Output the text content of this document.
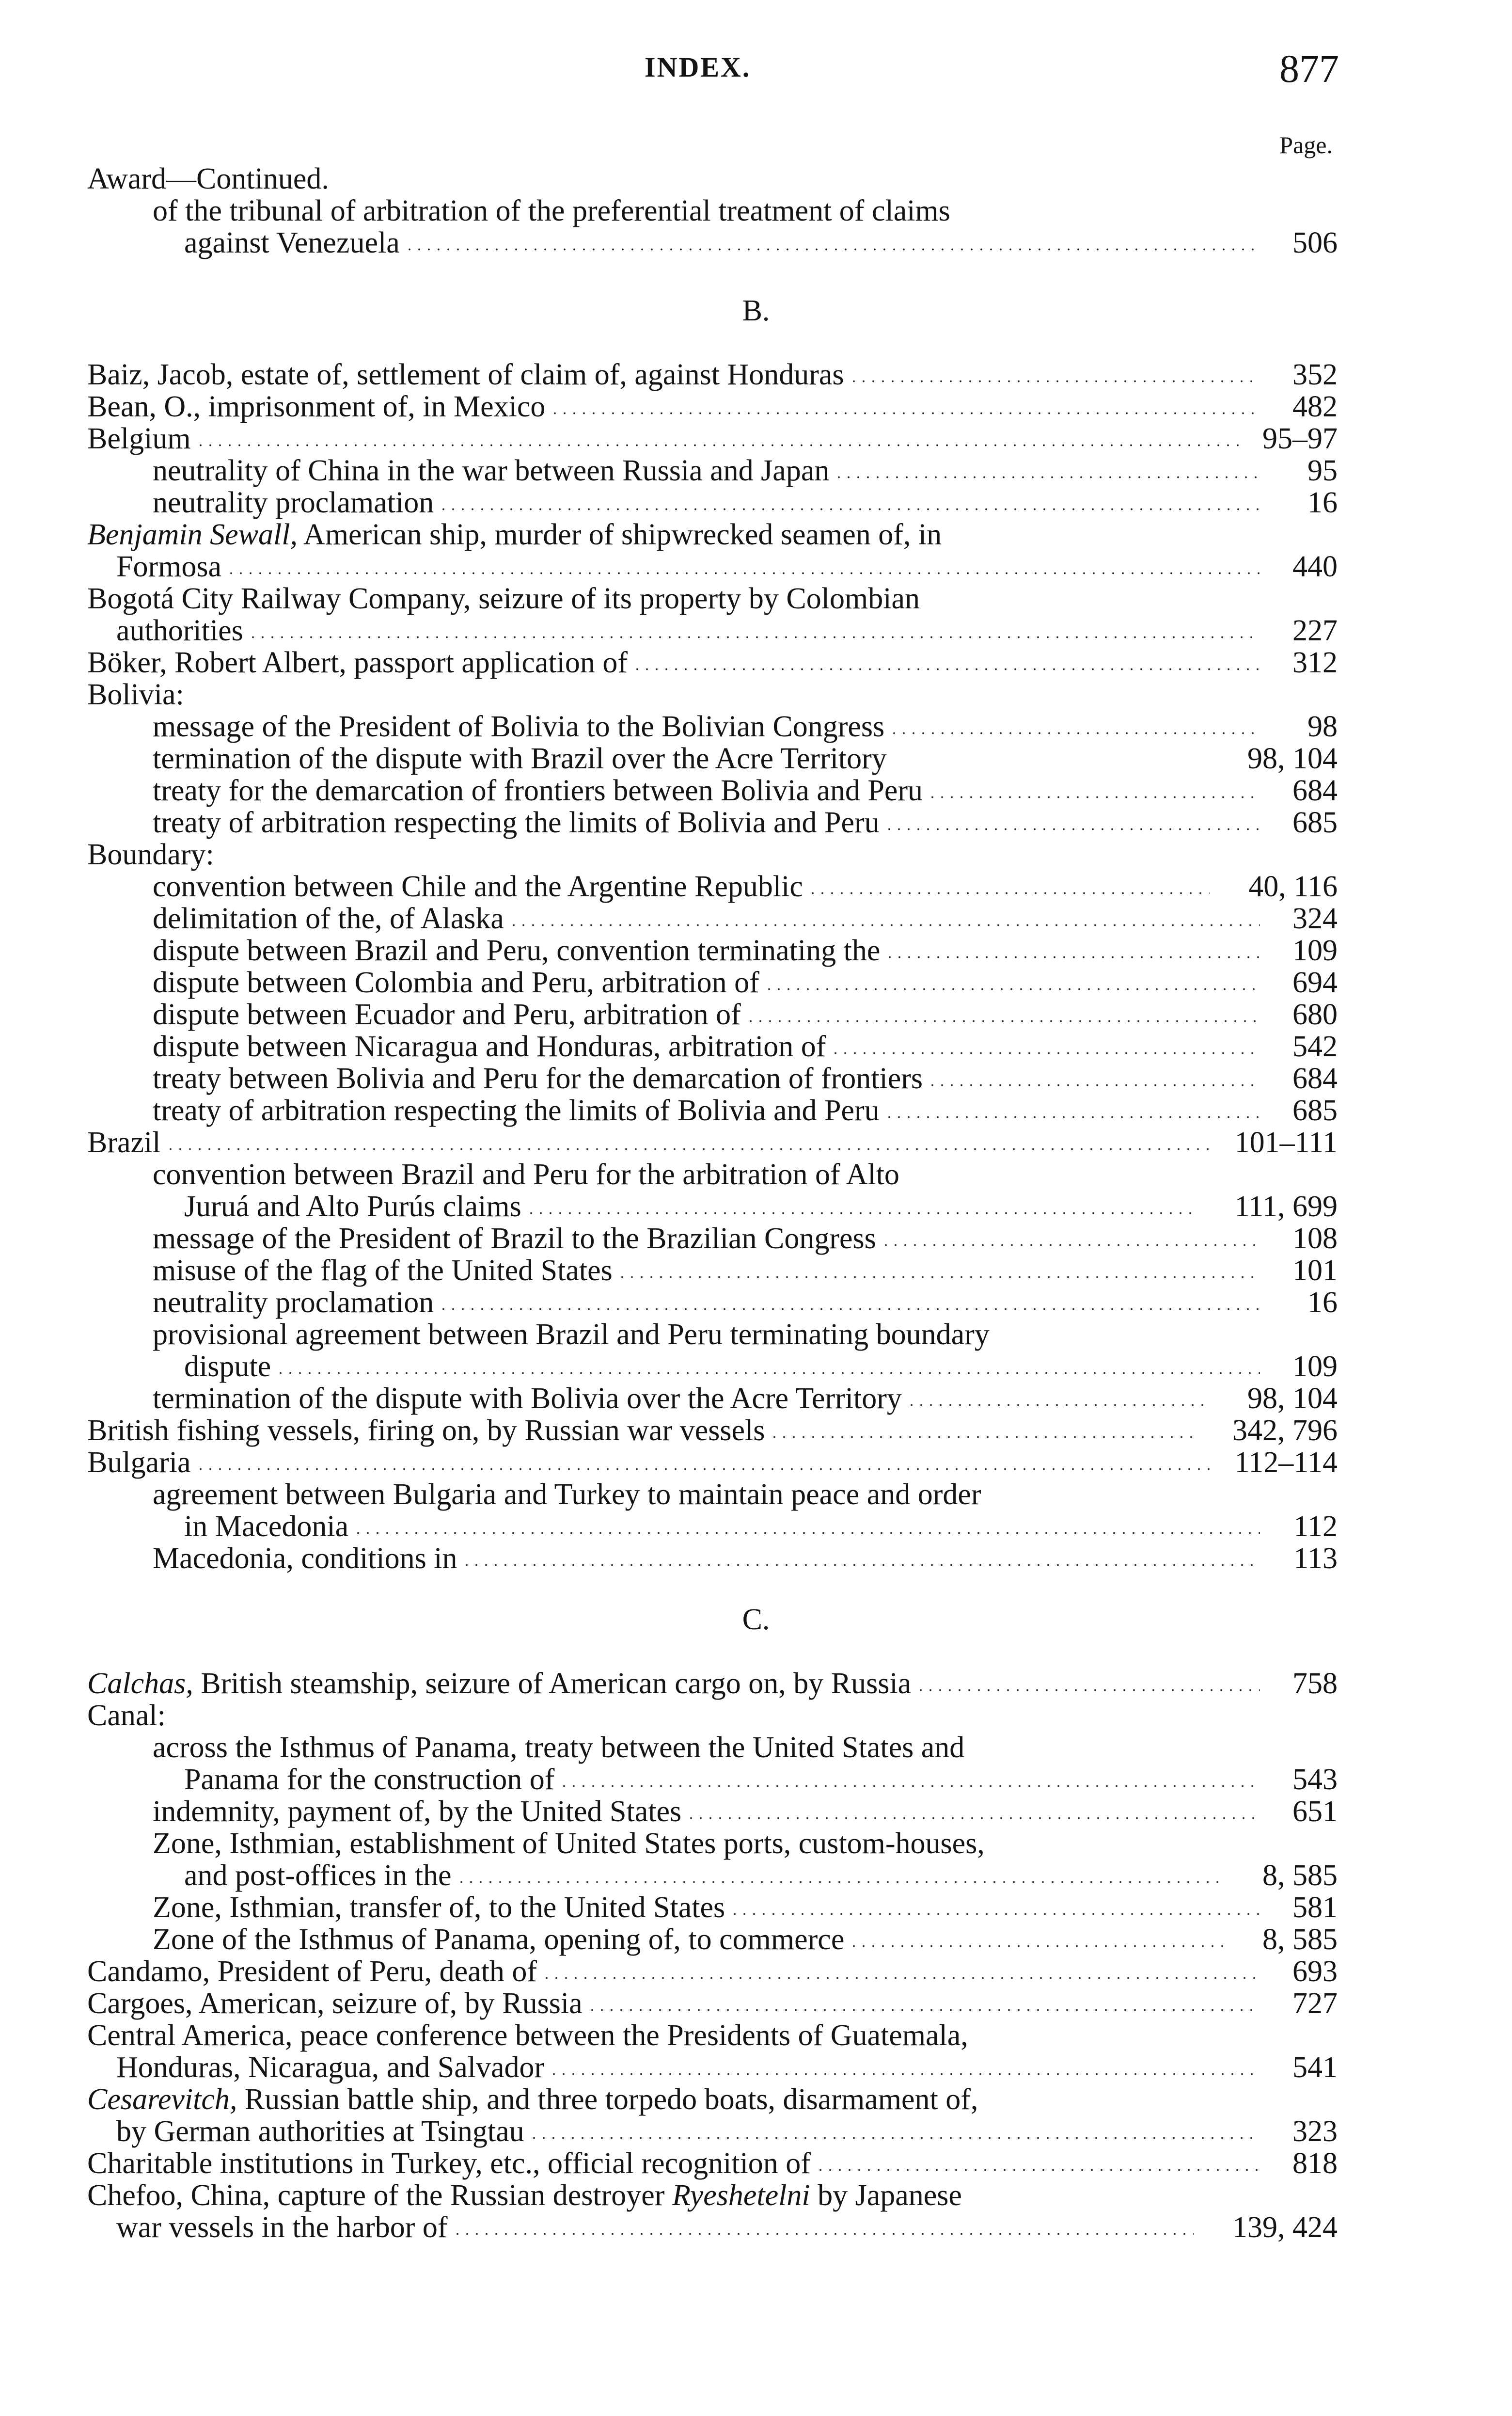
INDEX.	877
Page.
Award—Continued.
of the tribunal of arbitration of the preferential treatment of claims
against Venezuela	506
B.
Baiz, Jacob, estate of, settlement of claim of, against Honduras	352
Bean, O., imprisonment of, in Mexico	482
Belgium	95–97
neutrality of China in the war between Russia and Japan	95
neutrality proclamation	16
Benjamin Sewall, American ship, murder of shipwrecked seamen of, in
Formosa	440
Bogotá City Railway Company, seizure of its property by Colombian
authorities	227
Böker, Robert Albert, passport application of	312
Bolivia:
message of the President of Bolivia to the Bolivian Congress	98
termination of the dispute with Brazil over the Acre Territory	98, 104
treaty for the demarcation of frontiers between Bolivia and Peru	684
treaty of arbitration respecting the limits of Bolivia and Peru	685
Boundary:
convention between Chile and the Argentine Republic	40, 116
delimitation of the, of Alaska	324
dispute between Brazil and Peru, convention terminating the	109
dispute between Colombia and Peru, arbitration of	694
dispute between Ecuador and Peru, arbitration of	680
dispute between Nicaragua and Honduras, arbitration of	542
treaty between Bolivia and Peru for the demarcation of frontiers	684
treaty of arbitration respecting the limits of Bolivia and Peru	685
Brazil	101–111
convention between Brazil and Peru for the arbitration of Alto
Juruá and Alto Purús claims	111, 699
message of the President of Brazil to the Brazilian Congress	108
misuse of the flag of the United States	101
neutrality proclamation	16
provisional agreement between Brazil and Peru terminating boundary
dispute	109
termination of the dispute with Bolivia over the Acre Territory	98, 104
British fishing vessels, firing on, by Russian war vessels	342, 796
Bulgaria	112–114
agreement between Bulgaria and Turkey to maintain peace and order
in Macedonia	112
Macedonia, conditions in	113
C.
Calchas, British steamship, seizure of American cargo on, by Russia	758
Canal:
across the Isthmus of Panama, treaty between the United States and
Panama for the construction of	543
indemnity, payment of, by the United States	651
Zone, Isthmian, establishment of United States ports, custom-houses,
and post-offices in the	8, 585
Zone, Isthmian, transfer of, to the United States	581
Zone of the Isthmus of Panama, opening of, to commerce	8, 585
Candamo, President of Peru, death of	693
Cargoes, American, seizure of, by Russia	727
Central America, peace conference between the Presidents of Guatemala,
Honduras, Nicaragua, and Salvador	541
Cesarevitch, Russian battle ship, and three torpedo boats, disarmament of,
by German authorities at Tsingtau	323
Charitable institutions in Turkey, etc., official recognition of	818
Chefoo, China, capture of the Russian destroyer Ryeshetelni by Japanese
war vessels in the harbor of	139, 424
